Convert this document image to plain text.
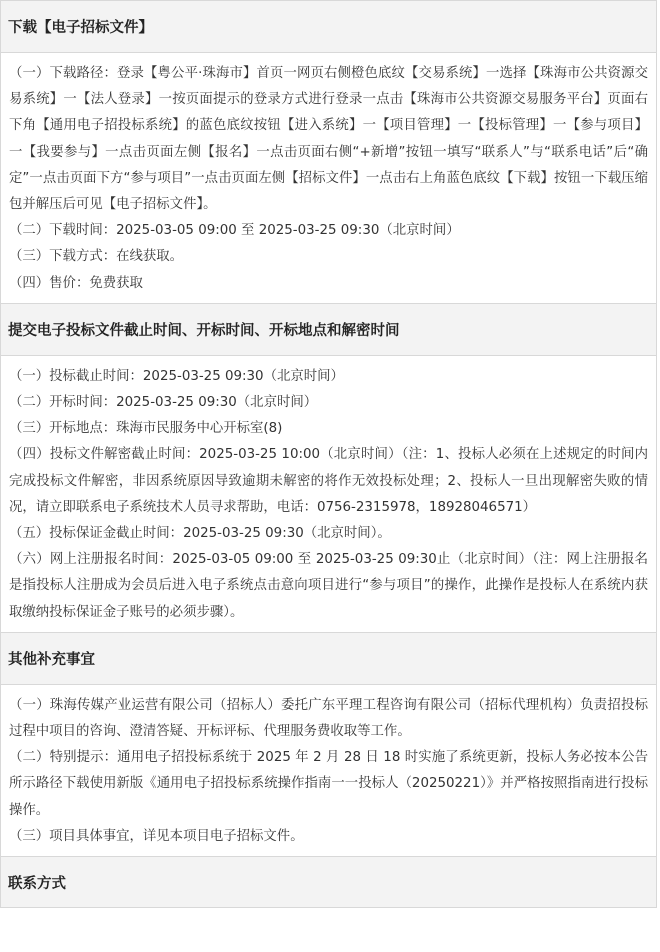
下载【电子招标文件】

（一）下载路径：登录【粤公平·珠海市】首页一网页右侧橙色底纹【交易系统】一选择【珠海市公共资源交易系统】一【法人登录】一按页面提示的登录方式进行登录一点击【珠海市公共资源交易服务平台】页面右下角【通用电子招投标系统】的蓝色底纹按钮【进入系统】一【项目管理】一【投标管理】一【参与项目】一【我要参与】一点击页面左侧【报名】一点击页面右侧“+新增”按钮一填写“联系人”与“联系电话”后“确定”一点击页面下方“参与项目”一点击页面左侧【招标文件】一点击右上角蓝色底纹【下载】按钮一下载压缩包并解压后可见【电子招标文件】。

（二）下载时间：2025-03-05 09:00 至 2025-03-25 09:30（北京时间）

（三）下载方式：在线获取。

（四）售价：免费获取

提交电子投标文件截止时间、开标时间、开标地点和解密时间

（一）投标截止时间：2025-03-25 09:30（北京时间）

（二）开标时间：2025-03-25 09:30（北京时间）

（三）开标地点：珠海市民服务中心开标室(8)

（四）投标文件解密截止时间：2025-03-25 10:00（北京时间）（注：1、投标人必须在上述规定的时间内完成投标文件解密，非因系统原因导致逾期未解密的将作无效投标处理；2、投标人一旦出现解密失败的情况，请立即联系电子系统技术人员寻求帮助，电话：0756-2315978，18928046571）

（五）投标保证金截止时间：2025-03-25 09:30（北京时间）。

（六）网上注册报名时间：2025-03-05 09:00 至 2025-03-25 09:30止（北京时间）（注：网上注册报名是指投标人注册成为会员后进入电子系统点击意向项目进行“参与项目”的操作，此操作是投标人在系统内获取缴纳投标保证金子账号的必须步骤）。

其他补充事宜

（一）珠海传媒产业运营有限公司（招标人）委托广东平理工程咨询有限公司（招标代理机构）负责招投标过程中项目的咨询、澄清答疑、开标评标、代理服务费收取等工作。

（二）特别提示：通用电子招投标系统于 2025 年 2 月 28 日 18 时实施了系统更新，投标人务必按本公告所示路径下载使用新版《通用电子招投标系统操作指南一一投标人（20250221）》并严格按照指南进行投标操作。

（三）项目具体事宜，详见本项目电子招标文件。

联系方式
